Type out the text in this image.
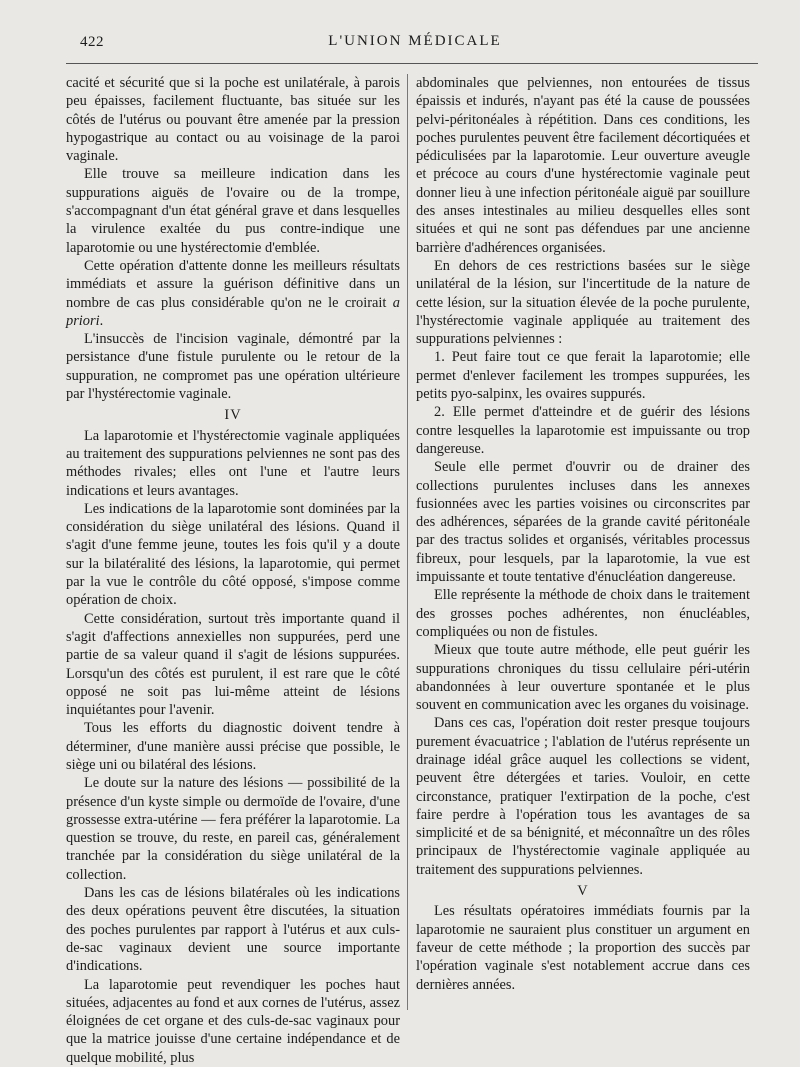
422	L'UNION MÉDICALE

cacité et sécurité que si la poche est unilatérale, à parois peu épaisses, facilement fluctuante, bas située sur les côtés de l'utérus ou pouvant être amenée par la pression hypogastrique au contact ou au voisinage de la paroi vaginale.

Elle trouve sa meilleure indication dans les suppurations aiguës de l'ovaire ou de la trompe, s'accompagnant d'un état général grave et dans lesquelles la virulence exaltée du pus contre-indique une laparotomie ou une hystérectomie d'emblée.

Cette opération d'attente donne les meilleurs résultats immédiats et assure la guérison définitive dans un nombre de cas plus considérable qu'on ne le croirait a priori.

L'insuccès de l'incision vaginale, démontré par la persistance d'une fistule purulente ou le retour de la suppuration, ne compromet pas une opération ultérieure par l'hystérectomie vaginale.

IV

La laparotomie et l'hystérectomie vaginale appliquées au traitement des suppurations pelviennes ne sont pas des méthodes rivales; elles ont l'une et l'autre leurs indications et leurs avantages.

Les indications de la laparotomie sont dominées par la considération du siège unilatéral des lésions. Quand il s'agit d'une femme jeune, toutes les fois qu'il y a doute sur la bilatéralité des lésions, la laparotomie, qui permet par la vue le contrôle du côté opposé, s'impose comme opération de choix.

Cette considération, surtout très importante quand il s'agit d'affections annexielles non suppurées, perd une partie de sa valeur quand il s'agit de lésions suppurées. Lorsqu'un des côtés est purulent, il est rare que le côté opposé ne soit pas lui-même atteint de lésions inquiétantes pour l'avenir.

Tous les efforts du diagnostic doivent tendre à déterminer, d'une manière aussi précise que possible, le siège uni ou bilatéral des lésions.

Le doute sur la nature des lésions — possibilité de la présence d'un kyste simple ou dermoïde de l'ovaire, d'une grossesse extra-utérine — fera préférer la laparotomie. La question se trouve, du reste, en pareil cas, généralement tranchée par la considération du siège unilatéral de la collection.

Dans les cas de lésions bilatérales où les indications des deux opérations peuvent être discutées, la situation des poches purulentes par rapport à l'utérus et aux culs-de-sac vaginaux devient une source importante d'indications.

La laparotomie peut revendiquer les poches haut situées, adjacentes au fond et aux cornes de l'utérus, assez éloignées de cet organe et des culs-de-sac vaginaux pour que la matrice jouisse d'une certaine indépendance et de quelque mobilité, plus

abdominales que pelviennes, non entourées de tissus épaissis et indurés, n'ayant pas été la cause de poussées pelvi-péritonéales à répétition. Dans ces conditions, les poches purulentes peuvent être facilement décortiquées et pédiculisées par la laparotomie. Leur ouverture aveugle et précoce au cours d'une hystérectomie vaginale peut donner lieu à une infection péritonéale aiguë par souillure des anses intestinales au milieu desquelles elles sont situées et qui ne sont pas défendues par une ancienne barrière d'adhérences organisées.

En dehors de ces restrictions basées sur le siège unilatéral de la lésion, sur l'incertitude de la nature de cette lésion, sur la situation élevée de la poche purulente, l'hystérectomie vaginale appliquée au traitement des suppurations pelviennes :

1. Peut faire tout ce que ferait la laparotomie; elle permet d'enlever facilement les trompes suppurées, les petits pyo-salpinx, les ovaires suppurés.

2. Elle permet d'atteindre et de guérir des lésions contre lesquelles la laparotomie est impuissante ou trop dangereuse.

Seule elle permet d'ouvrir ou de drainer des collections purulentes incluses dans les annexes fusionnées avec les parties voisines ou circonscrites par des adhérences, séparées de la grande cavité péritonéale par des tractus solides et organisés, véritables processus fibreux, pour lesquels, par la laparotomie, la vue est impuissante et toute tentative d'énucléation dangereuse.

Elle représente la méthode de choix dans le traitement des grosses poches adhérentes, non énucléables, compliquées ou non de fistules.

Mieux que toute autre méthode, elle peut guérir les suppurations chroniques du tissu cellulaire péri-utérin abandonnées à leur ouverture spontanée et le plus souvent en communication avec les organes du voisinage.

Dans ces cas, l'opération doit rester presque toujours purement évacuatrice ; l'ablation de l'utérus représente un drainage idéal grâce auquel les collections se vident, peuvent être détergées et taries. Vouloir, en cette circonstance, pratiquer l'extirpation de la poche, c'est faire perdre à l'opération tous les avantages de sa simplicité et de sa bénignité, et méconnaître un des rôles principaux de l'hystérectomie vaginale appliquée au traitement des suppurations pelviennes.

V

Les résultats opératoires immédiats fournis par la laparotomie ne sauraient plus constituer un argument en faveur de cette méthode ; la proportion des succès par l'opération vaginale s'est notablement accrue dans ces dernières années.
